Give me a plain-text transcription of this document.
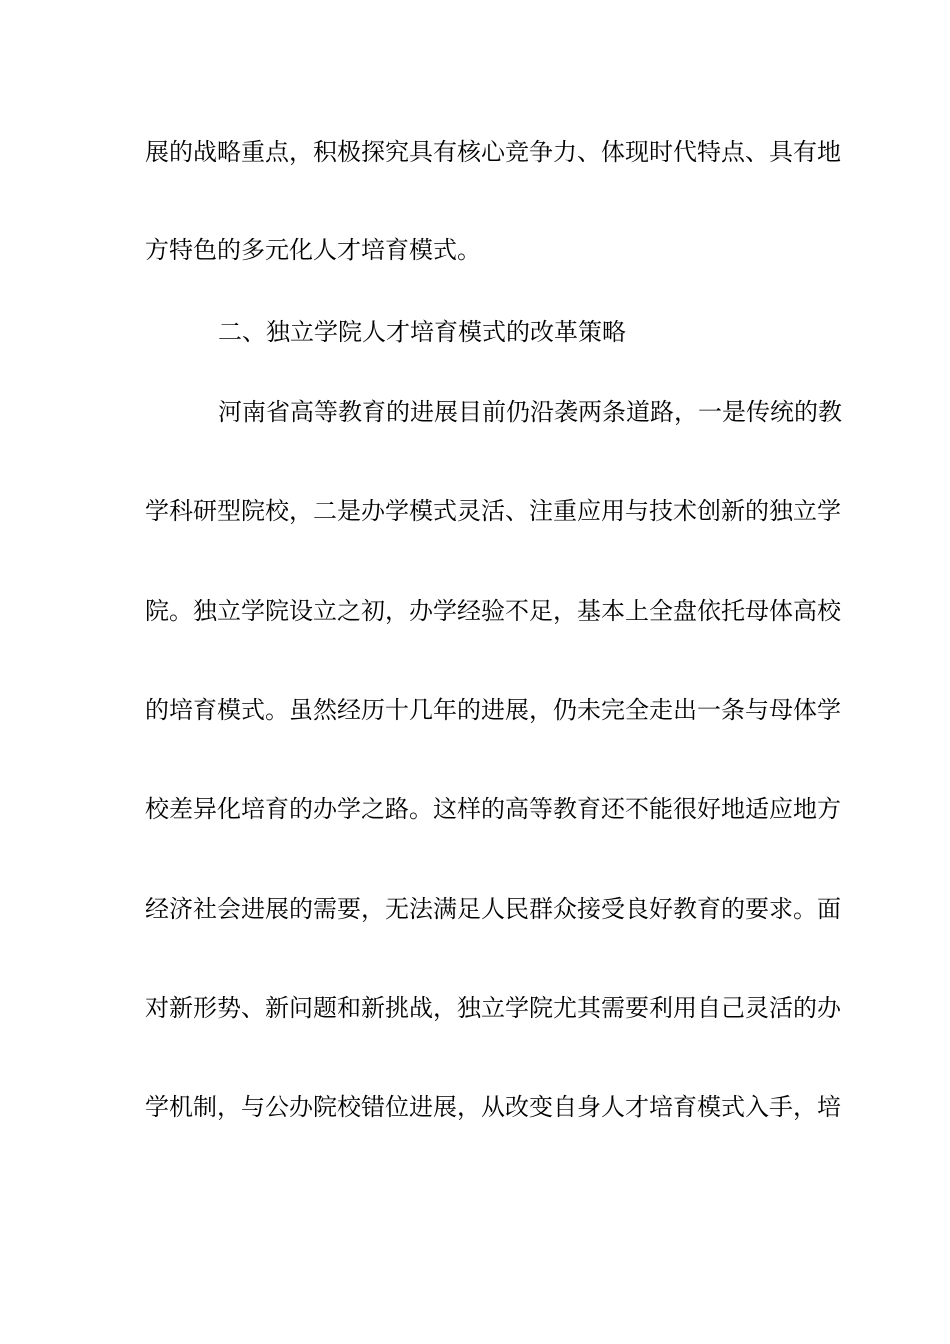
展的战略重点，积极探究具有核心竞争力、体现时代特点、具有地
方特色的多元化人才培育模式。
二、独立学院人才培育模式的改革策略
河南省高等教育的进展目前仍沿袭两条道路，一是传统的教
学科研型院校，二是办学模式灵活、注重应用与技术创新的独立学
院。独立学院设立之初，办学经验不足，基本上全盘依托母体高校
的培育模式。虽然经历十几年的进展，仍未完全走出一条与母体学
校差异化培育的办学之路。这样的高等教育还不能很好地适应地方
经济社会进展的需要，无法满足人民群众接受良好教育的要求。面
对新形势、新问题和新挑战，独立学院尤其需要利用自己灵活的办
学机制，与公办院校错位进展，从改变自身人才培育模式入手，培
